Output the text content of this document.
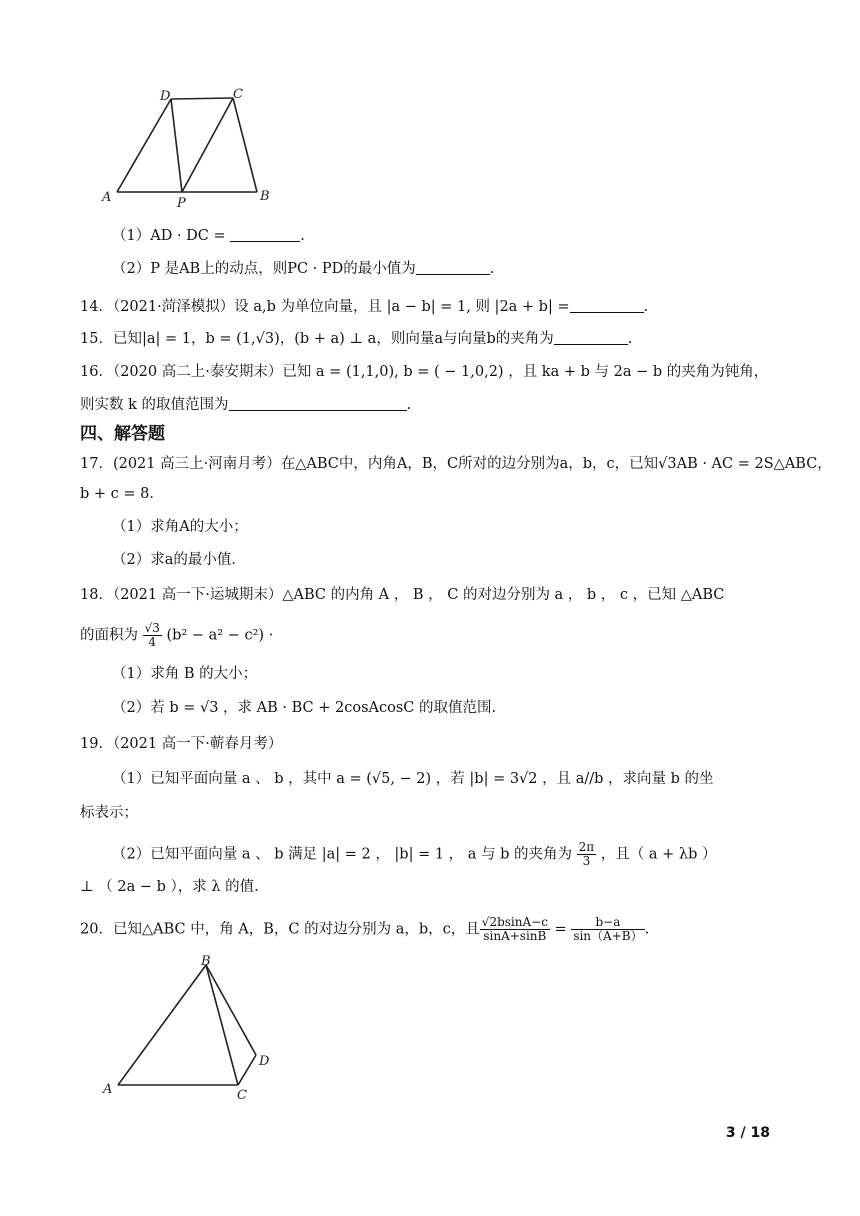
A	B
C
D
P
（1）AD · DC =	.
（2）P 是AB上的动点，则PC · PD的最小值为	.
14．（2021·菏泽模拟）设 a,b 为单位向量，且 |a − b| = 1, 则 |2a + b| =	.
15．已知|a| = 1，b = (1,√3)，(b + a) ⊥ a，则向量a与向量b的夹角为	.
16．（2020 高二上·泰安期末）已知 a = (1,1,0), b = ( − 1,0,2) ，且 ka + b 与 2a − b 的夹角为钝角，
则实数 k 的取值范围为	.
四、解答题
17．(2021 高三上·河南月考）在△ABC中，内角A，B，C所对的边分别为a，b，c，已知√3AB · AC = 2S△ABC，
b + c = 8．
（1）求角A的大小；
（2）求a的最小值．
18．（2021 高一下·运城期末）△ABC 的内角 A ， B ， C 的对边分别为 a ， b ， c ，已知 △ABC
的面积为 $\frac{√3}{4} (b^2 - a^2 - c^2)$ ·
（1）求角 B 的大小；
（2）若 b = √3 ，求 AB · BC + 2cosAcosC 的取值范围.
19．（2021 高一下·蕲春月考）
（1）已知平面向量 a 、 b ，其中 a = (√5, − 2) ，若 |b| = 3√2 ，且 a//b ，求向量 b 的坐
标表示；
（2）已知平面向量 a 、 b 满足 |a| = 2 ， |b| = 1 ， a 与 b 的夹角为 $\frac{2\pi}{3}$ ，且（ a + λb ）
⊥ （ 2a − b ），求 λ 的值.
20．已知△ABC 中，角 A，B，C 的对边分别为 a，b，c，且 $\frac{√2bsinA-c}{\sin A+\sin B} = \frac{b-a}{\sin(A+B)}$ .
A
B
C
D
3 / 18
